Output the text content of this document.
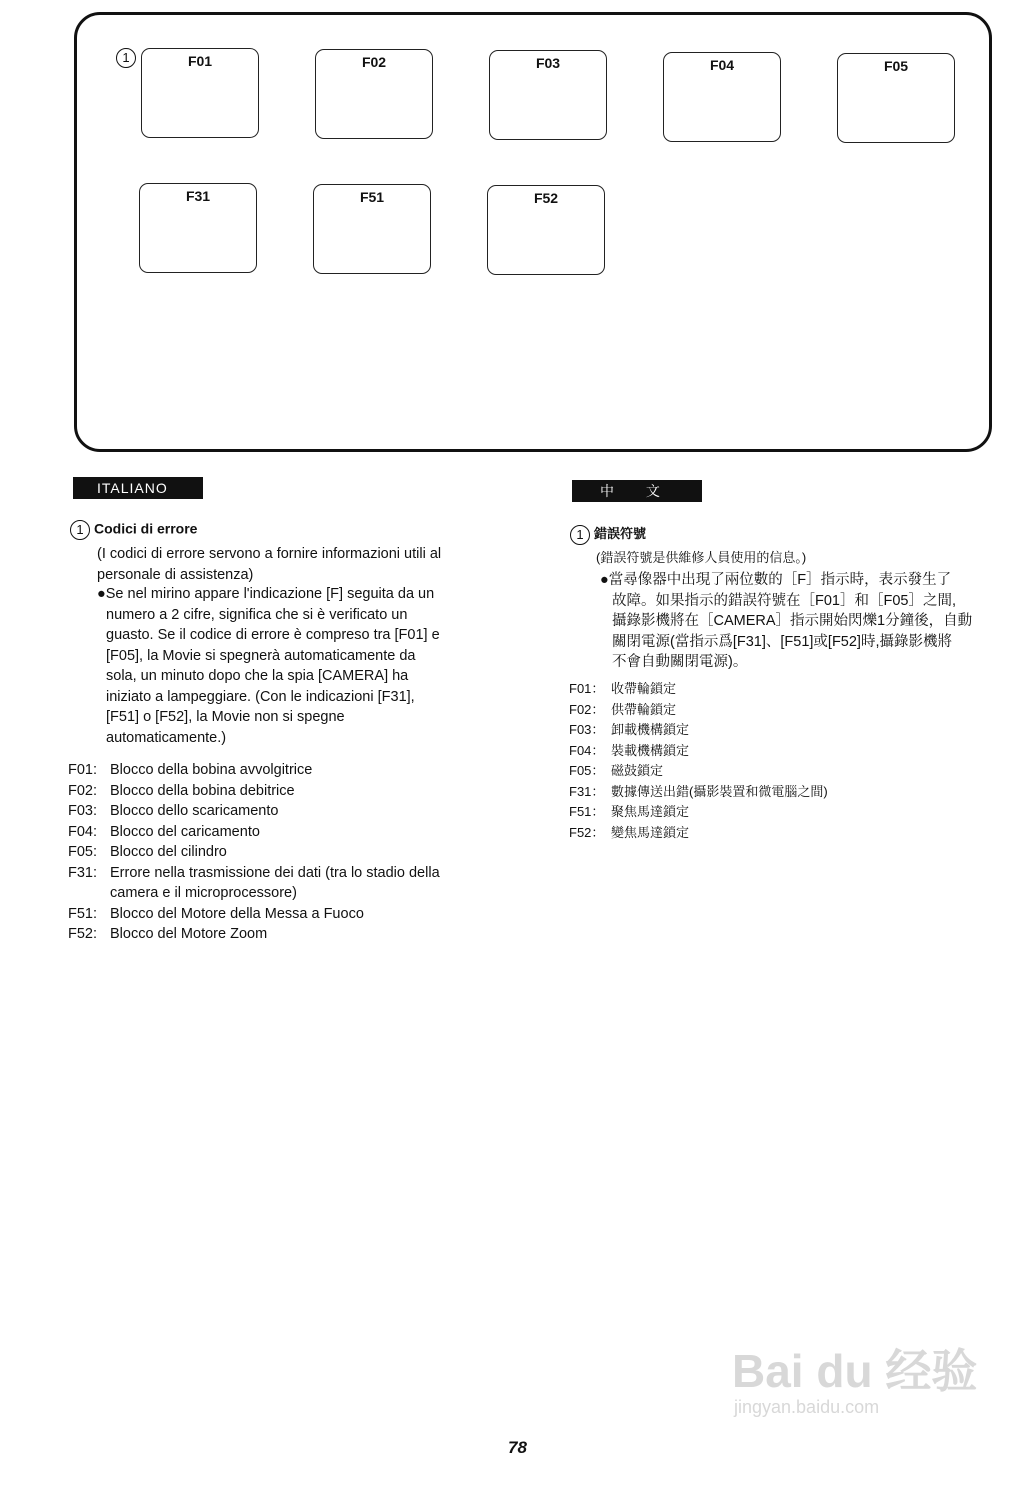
1	F01	F02	F03	F04	F05
F31	F51	F52
ITALIANO
1 Codici di errore
(I codici di errore servono a fornire informazioni utili al
personale di assistenza)
●Se nel mirino appare l'indicazione [F] seguita da un
numero a 2 cifre, significa che si è verificato un
guasto. Se il codice di errore è compreso tra [F01] e
[F05], la Movie si spegnerà automaticamente da
sola, un minuto dopo che la spia [CAMERA] ha
iniziato a lampeggiare. (Con le indicazioni [F31],
[F51] o [F52], la Movie non si spegne
automaticamente.)
F01: Blocco della bobina avvolgitrice
F02: Blocco della bobina debitrice
F03: Blocco dello scaricamento
F04: Blocco del caricamento
F05: Blocco del cilindro
F31: Errore nella trasmissione dei dati (tra lo stadio della
camera e il microprocessore)
F51: Blocco del Motore della Messa a Fuoco
F52: Blocco del Motore Zoom
中 文
1 錯誤符號
(錯誤符號是供維修人員使用的信息。)
●當尋像器中出現了兩位數的［F］指示時，表示發生了
故障。如果指示的錯誤符號在［F01］和［F05］之間,
攝錄影機將在［CAMERA］指示開始閃爍1分鐘後，自動
關閉電源(當指示爲[F31]、[F51]或[F52]時,攝錄影機將
不會自動關閉電源)。
F01： 收帶輪鎖定
F02： 供帶輪鎖定
F03： 卸載機構鎖定
F04： 裝載機構鎖定
F05： 磁鼓鎖定
F31： 數據傳送出錯(攝影裝置和微電腦之間)
F51： 聚焦馬達鎖定
F52： 變焦馬達鎖定
78
Bai du 经验
jingyan.baidu.com
